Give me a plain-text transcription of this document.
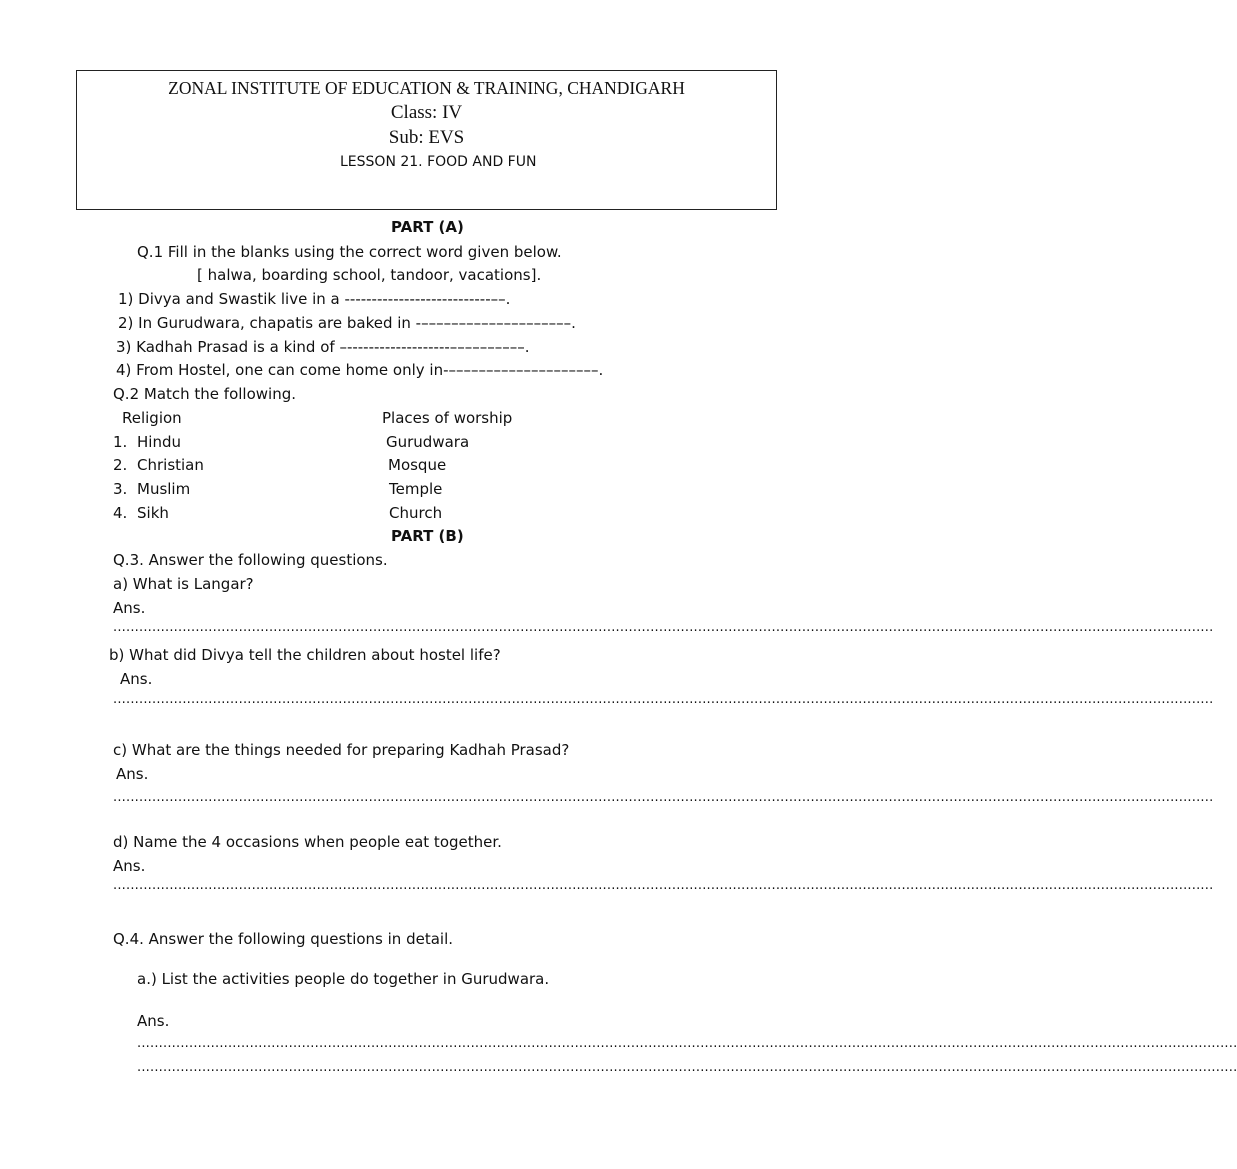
ZONAL INSTITUTE OF EDUCATION & TRAINING, CHANDIGARH
Class: IV
Sub: EVS
LESSON 21. FOOD AND FUN
PART (A)
Q.1 Fill in the blanks using the correct word given below.
[ halwa, boarding school, tandoor, vacations].
1) Divya and Swastik live in a ---------------------------––.
2) In Gurudwara, chapatis are baked in -––––––––––––––––––––.
3) Kadhah Prasad is a kind of –-------------------––––––––––.
4) From Hostel, one can come home only in-––––––––––––––––––––.
Q.2 Match the following.
Religion	Places of worship
1. Hindu	Gurudwara
2. Christian	Mosque
3. Muslim	Temple
4. Sikh	Church
PART (B)
Q.3. Answer the following questions.
a) What is Langar?
Ans.
..............................................................................................................................................................................................................................................................
b) What did Divya tell the children about hostel life?
Ans.
..............................................................................................................................................................................................................................................................
c) What are the things needed for preparing Kadhah Prasad?
Ans.
..............................................................................................................................................................................................................................................................
d) Name the 4 occasions when people eat together.
Ans.
..............................................................................................................................................................................................................................................................
Q.4. Answer the following questions in detail.
a.) List the activities people do together in Gurudwara.
Ans.
..............................................................................................................................................................................................................................................................
..............................................................................................................................................................................................................................................................
